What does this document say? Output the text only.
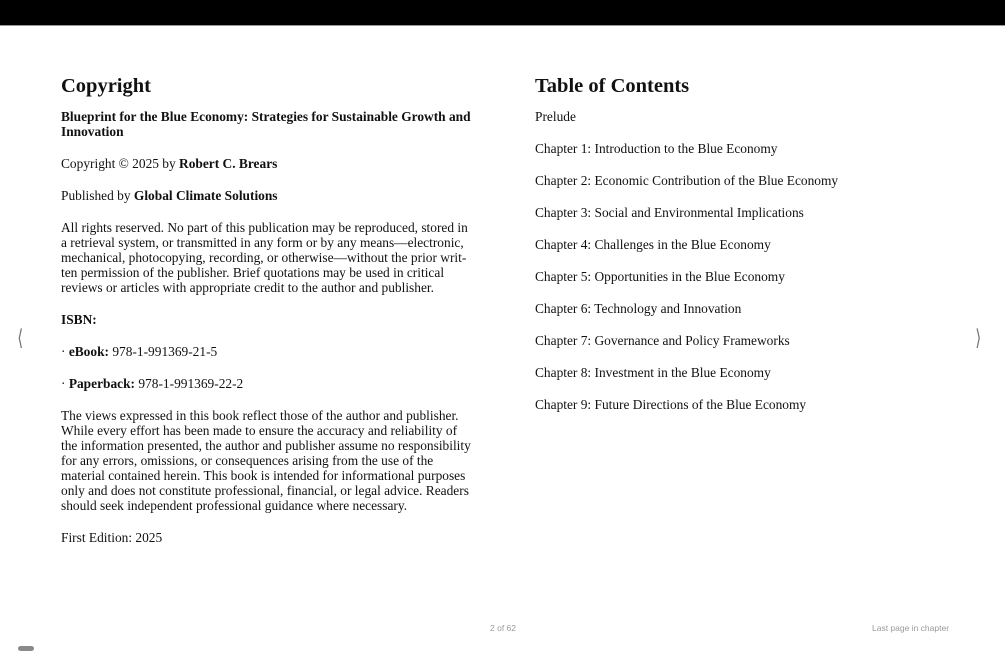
Copyright

Blueprint for the Blue Economy: Strategies for Sustainable Growth and Innovation

Copyright © 2025 by Robert C. Brears

Published by Global Climate Solutions

All rights reserved. No part of this publication may be reproduced, stored in a retrieval system, or transmitted in any form or by any means—electronic, mechanical, photocopying, recording, or otherwise—without the prior written permission of the publisher. Brief quotations may be used in critical reviews or articles with appropriate credit to the author and publisher.

ISBN:

· eBook: 978-1-991369-21-5

· Paperback: 978-1-991369-22-2

The views expressed in this book reflect those of the author and publisher. While every effort has been made to ensure the accuracy and reliability of the information presented, the author and publisher assume no responsibility for any errors, omissions, or consequences arising from the use of the material contained herein. This book is intended for informational purposes only and does not constitute professional, financial, or legal advice. Readers should seek independent professional guidance where necessary.

First Edition: 2025

Table of Contents
Prelude
Chapter 1: Introduction to the Blue Economy
Chapter 2: Economic Contribution of the Blue Economy
Chapter 3: Social and Environmental Implications
Chapter 4: Challenges in the Blue Economy
Chapter 5: Opportunities in the Blue Economy
Chapter 6: Technology and Innovation
Chapter 7: Governance and Policy Frameworks
Chapter 8: Investment in the Blue Economy
Chapter 9: Future Directions of the Blue Economy
⟨	⟩
2 of 62	Last page in chapter
